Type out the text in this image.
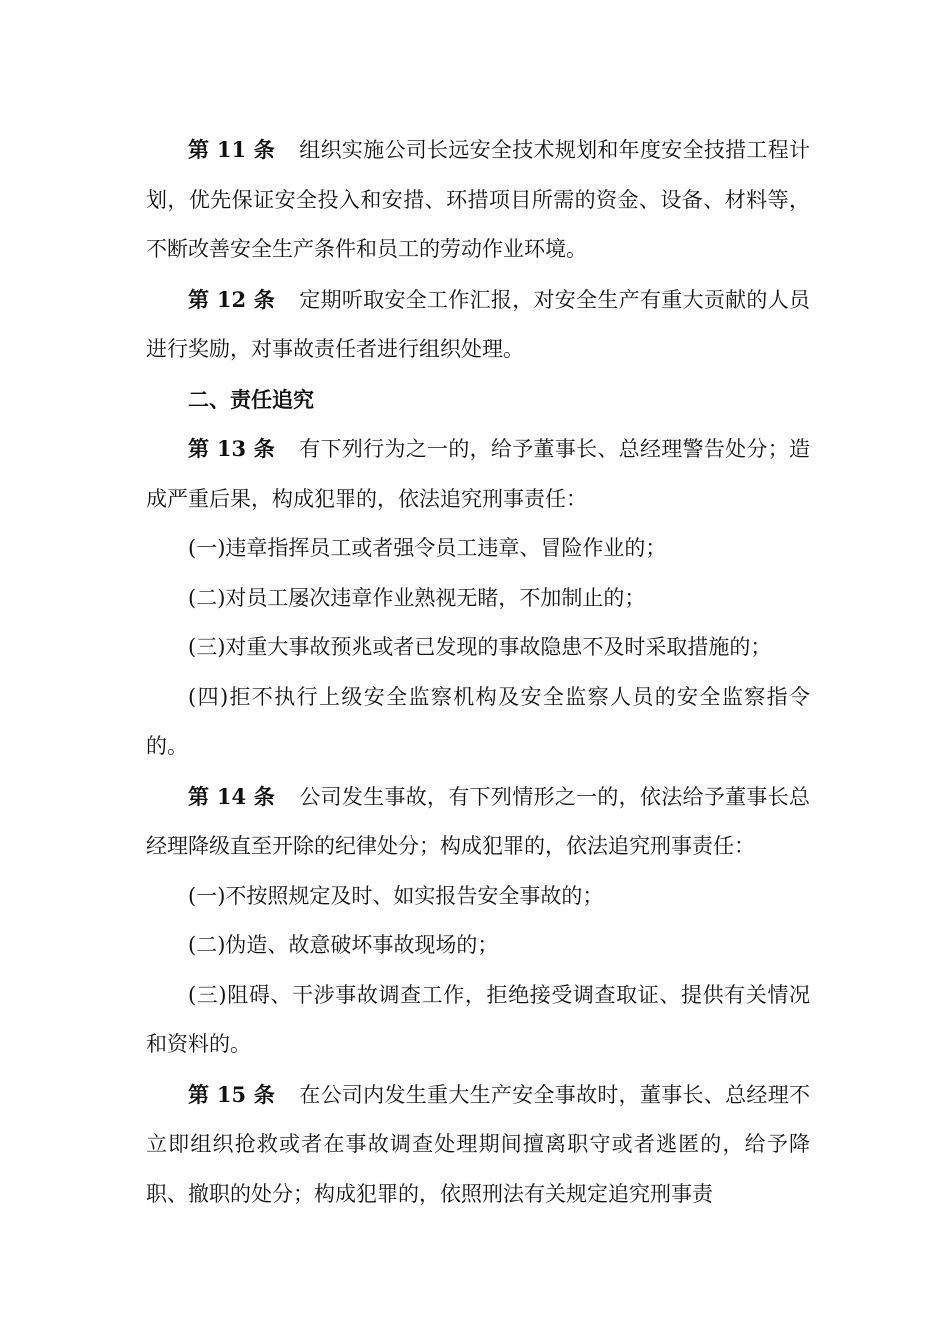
第 11 条 组织实施公司长远安全技术规划和年度安全技措工程计划，优先保证安全投入和安措、环措项目所需的资金、设备、材料等，不断改善安全生产条件和员工的劳动作业环境。

第 12 条 定期听取安全工作汇报，对安全生产有重大贡献的人员进行奖励，对事故责任者进行组织处理。

二、责任追究

第 13 条 有下列行为之一的，给予董事长、总经理警告处分；造成严重后果，构成犯罪的，依法追究刑事责任：

(一)违章指挥员工或者强令员工违章、冒险作业的；

(二)对员工屡次违章作业熟视无睹，不加制止的；

(三)对重大事故预兆或者已发现的事故隐患不及时采取措施的；

(四)拒不执行上级安全监察机构及安全监察人员的安全监察指令的。

第 14 条 公司发生事故，有下列情形之一的，依法给予董事长总经理降级直至开除的纪律处分；构成犯罪的，依法追究刑事责任：

(一)不按照规定及时、如实报告安全事故的；

(二)伪造、故意破坏事故现场的；

(三)阻碍、干涉事故调查工作，拒绝接受调查取证、提供有关情况和资料的。

第 15 条 在公司内发生重大生产安全事故时，董事长、总经理不立即组织抢救或者在事故调查处理期间擅离职守或者逃匿的，给予降职、撤职的处分；构成犯罪的，依照刑法有关规定追究刑事责
